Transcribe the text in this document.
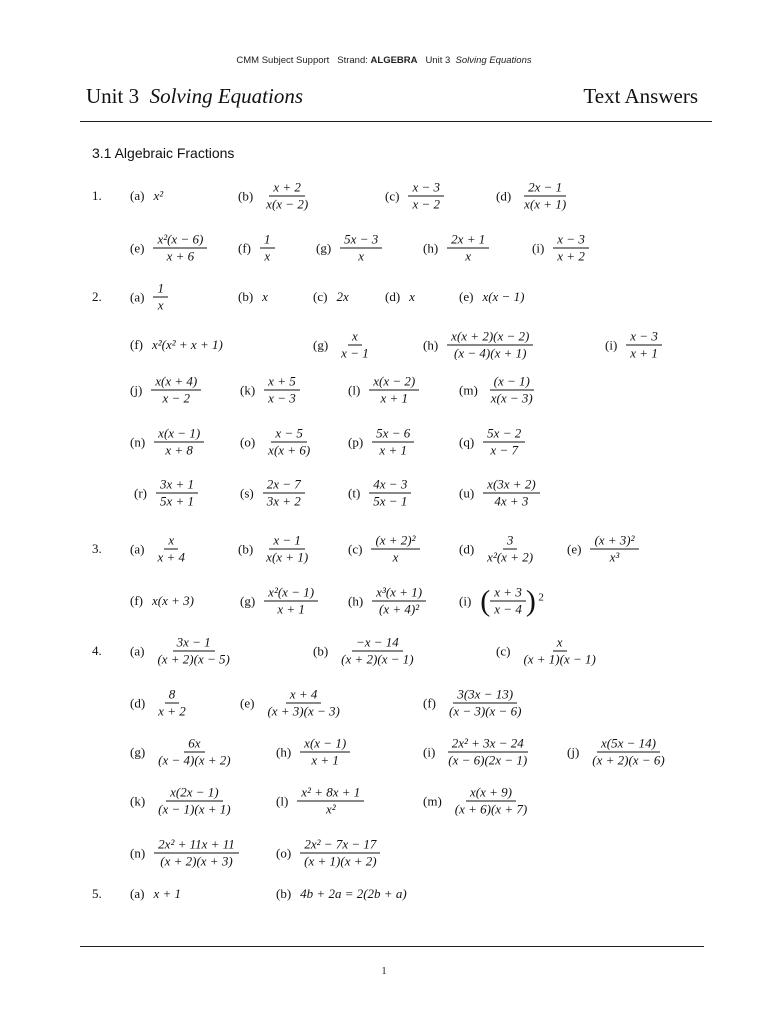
CMM Subject Support Strand: ALGEBRA Unit 3 Solving Equations
Unit 3 Solving Equations	Text Answers
3.1 Algebraic Fractions
1.	(a) x²	$(b) \frac{x + 2}{x(x - 2)}$	$(c) \frac{x - 3}{x - 2}$	$(d) \frac{2x - 1}{x(x + 1)}$
$(e) \frac{\text{x²(x − 6)}}{x + 6} (f) \frac{1}{x}$	$(g) \frac{5x - 3}{x}$	$(h) \frac{2x + 1}{x}$	$(i) \frac{x - 3}{x + 2}$
2.	$(a) \frac{1}{x}$	(b) x	(c) 2x	(d) x	(e) x(x − 1)
(f) x²(x² + x + 1)	$(g) \frac{x}{x - 1}$	$(h) \frac{x(x + 2)(x - 2)}{(x - 4)(x + 1)}$	$(i) \frac{x - 3}{x + 1}$
$(j) \frac{x(x + 4)}{x - 2}$	$(k) \frac{x + 5}{x - 3}$	$(l) \frac{x(x - 2)}{x + 1}$	$(m) \frac{(x - 1)}{x(x - 3)}$
$(n) \frac{x(x - 1)}{x + 8}$	$(o) \frac{x - 5}{x(x + 6)}$	$(p) \frac{5x - 6}{x + 1}$	$(q) \frac{5x - 2}{x - 7}$
$(r) \frac{3x + 1}{5x + 1}$	$(s) \frac{2x - 7}{3x + 2}$	$(t) \frac{4x - 3}{5x - 1}$	$(u) \frac{x(3x + 2)}{4x + 3}$
3.	$(a) \frac{x}{x + 4}$	$(b) \frac{x - 1}{x(x + 1)}$	$(c) \frac{\text{(x + 2)²}}{x}$	$(d) \frac{3}{\text{x²(x + 2)}} (e) \frac{\text{(x + 3)²}}{\text{x³}}$
(f) x(x + 3)	$(g) \frac{\text{x²(x − 1)}}{x + 1} (h) \frac{\text{x³(x + 1)}}{\text{(x + 4)²}}$	(i) ( $\frac{x + 3}{x - 4}$ ) 2
4.	$(a) \frac{3x - 1}{(x + 2)(x - 5)}$	$(b) \frac{-x - 14}{(x + 2)(x - 1)}$	$(c) \frac{x}{(x + 1)(x - 1)}$
$(d) \frac{8}{x + 2}$	$(e) \frac{x + 4}{(x + 3)(x - 3)}$	$(f) \frac{3(3x - 13)}{(x - 3)(x - 6)}$
$(g) \frac{6x}{(x - 4)(x + 2)}$	$(h) \frac{x(x - 1)}{x + 1}$	$(i) \frac{\text{2x² + 3x − 24}}{(x - 6)(2x - 1)}$	$(j) \frac{x(5x - 14)}{(x + 2)(x - 6)}$
$(k) \frac{x(2x - 1)}{(x - 1)(x + 1)}$	$(l) \frac{\text{x² + 8x + 1}}{\text{x²}}$	$(m) \frac{x(x + 9)}{(x + 6)(x + 7)}$
$(n) \frac{\text{2x² + 11x + 11}}{(x + 2)(x + 3)}$	$(o) \frac{\text{2x² − 7x − 17}}{(x + 1)(x + 2)}$
5.	(a) x + 1	(b) 4b + 2a = 2(2b + a)
1
